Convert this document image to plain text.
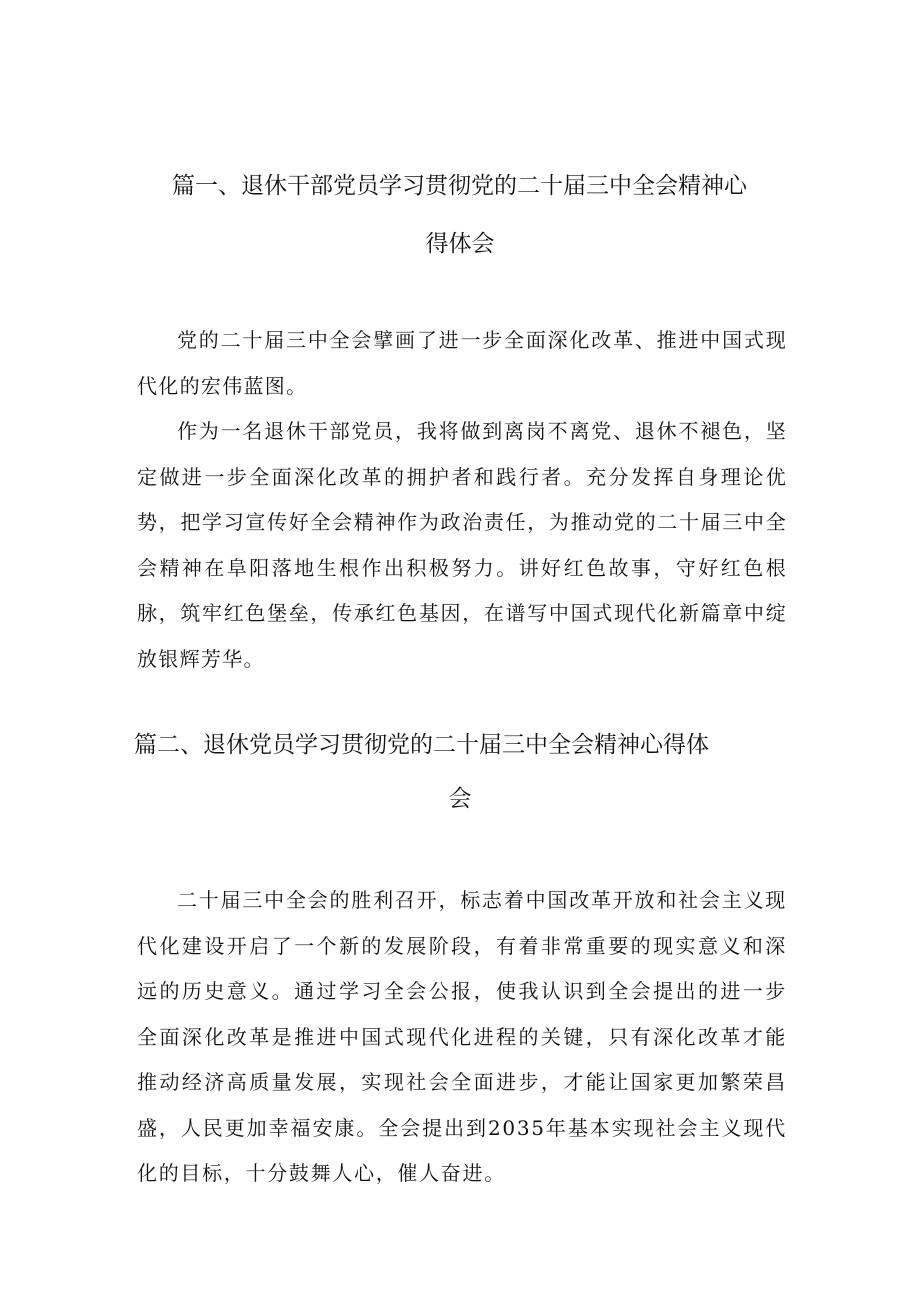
篇一、退休干部党员学习贯彻党的二十届三中全会精神心
得体会

党的二十届三中全会擘画了进一步全面深化改革、推进中国式现代化的宏伟蓝图。

作为一名退休干部党员，我将做到离岗不离党、退休不褪色，坚定做进一步全面深化改革的拥护者和践行者。充分发挥自身理论优势，把学习宣传好全会精神作为政治责任，为推动党的二十届三中全会精神在阜阳落地生根作出积极努力。讲好红色故事，守好红色根脉，筑牢红色堡垒，传承红色基因，在谱写中国式现代化新篇章中绽放银辉芳华。

篇二、退休党员学习贯彻党的二十届三中全会精神心得体
会

二十届三中全会的胜利召开，标志着中国改革开放和社会主义现代化建设开启了一个新的发展阶段，有着非常重要的现实意义和深远的历史意义。通过学习全会公报，使我认识到全会提出的进一步全面深化改革是推进中国式现代化进程的关键，只有深化改革才能推动经济高质量发展，实现社会全面进步，才能让国家更加繁荣昌盛，人民更加幸福安康。全会提出到2035年基本实现社会主义现代化的目标，十分鼓舞人心，催人奋进。
